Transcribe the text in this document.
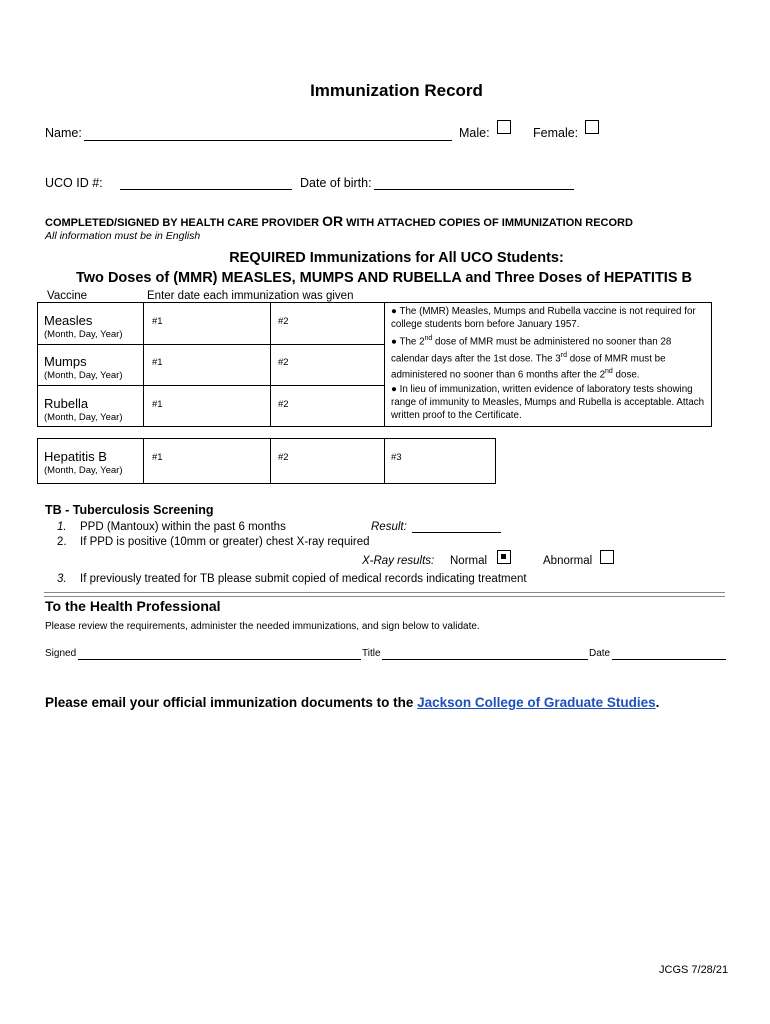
Immunization Record
Name:	Male:	Female:
UCO ID #:	Date of birth:
COMPLETED/SIGNED BY HEALTH CARE PROVIDER OR WITH ATTACHED COPIES OF IMMUNIZATION RECORD
All information must be in English
REQUIRED Immunizations for All UCO Students:
Two Doses of (MMR) MEASLES, MUMPS AND RUBELLA and Three Doses of HEPATITIS B
Vaccine	Enter date each immunization was given
Measles
(Month, Day, Year)
#1	#2
Mumps
(Month, Day, Year)
#1	#2
Rubella
(Month, Day, Year)
#1	#2

● The (MMR) Measles, Mumps and Rubella vaccine is not required for college students born before January 1957.

● The 2nd dose of MMR must be administered no sooner than 28 calendar days after the 1st dose. The 3rd dose of MMR must be administered no sooner than 6 months after the 2nd dose.

● In lieu of immunization, written evidence of laboratory tests showing range of immunity to Measles, Mumps and Rubella is acceptable. Attach written proof to the Certificate.

Hepatitis B
(Month, Day, Year)
#1	#2	#3
TB - Tuberculosis Screening
1. PPD (Mantoux) within the past 6 months	Result:
2. If PPD is positive (10mm or greater) chest X-ray required
X-Ray results: Normal	Abnormal
3. If previously treated for TB please submit copied of medical records indicating treatment
To the Health Professional
Please review the requirements, administer the needed immunizations, and sign below to validate.
Signed	Title	Date
Please email your official immunization documents to the Jackson College of Graduate Studies.
JCGS 7/28/21
